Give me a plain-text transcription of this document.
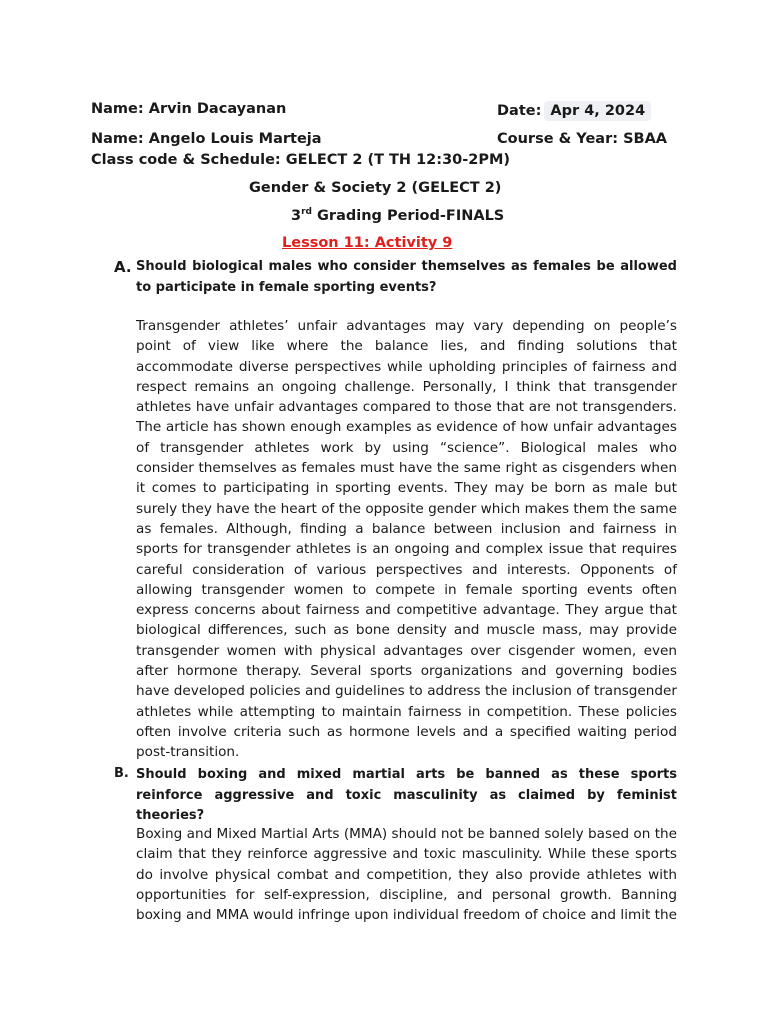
Name: Arvin Dacayanan	Date: Apr 4, 2024
Name: Angelo Louis Marteja	Course & Year: SBAA
Class code & Schedule: GELECT 2 (T TH 12:30-2PM)
Gender & Society 2 (GELECT 2)
3rd Grading Period-FINALS
Lesson 11: Activity 9
A. Should biological males who consider themselves as females be allowed to participate in female sporting events?

Transgender athletes’ unfair advantages may vary depending on people’s point of view like where the balance lies, and finding solutions that accommodate diverse perspectives while upholding principles of fairness and respect remains an ongoing challenge. Personally, I think that transgender athletes have unfair advantages compared to those that are not transgenders. The article has shown enough examples as evidence of how unfair advantages of transgender athletes work by using “science”. Biological males who consider themselves as females must have the same right as cisgenders when it comes to participating in sporting events. They may be born as male but surely they have the heart of the opposite gender which makes them the same as females. Although, finding a balance between inclusion and fairness in sports for transgender athletes is an ongoing and complex issue that requires careful consideration of various perspectives and interests. Opponents of allowing transgender women to compete in female sporting events often express concerns about fairness and competitive advantage. They argue that biological differences, such as bone density and muscle mass, may provide transgender women with physical advantages over cisgender women, even after hormone therapy. Several sports organizations and governing bodies have developed policies and guidelines to address the inclusion of transgender athletes while attempting to maintain fairness in competition. These policies often involve criteria such as hormone levels and a specified waiting period post-transition.

B. Should boxing and mixed martial arts be banned as these sports reinforce aggressive and toxic masculinity as claimed by feminist theories?

Boxing and Mixed Martial Arts (MMA) should not be banned solely based on the claim that they reinforce aggressive and toxic masculinity. While these sports do involve physical combat and competition, they also provide athletes with opportunities for self-expression, discipline, and personal growth. Banning boxing and MMA would infringe upon individual freedom of choice and limit the
